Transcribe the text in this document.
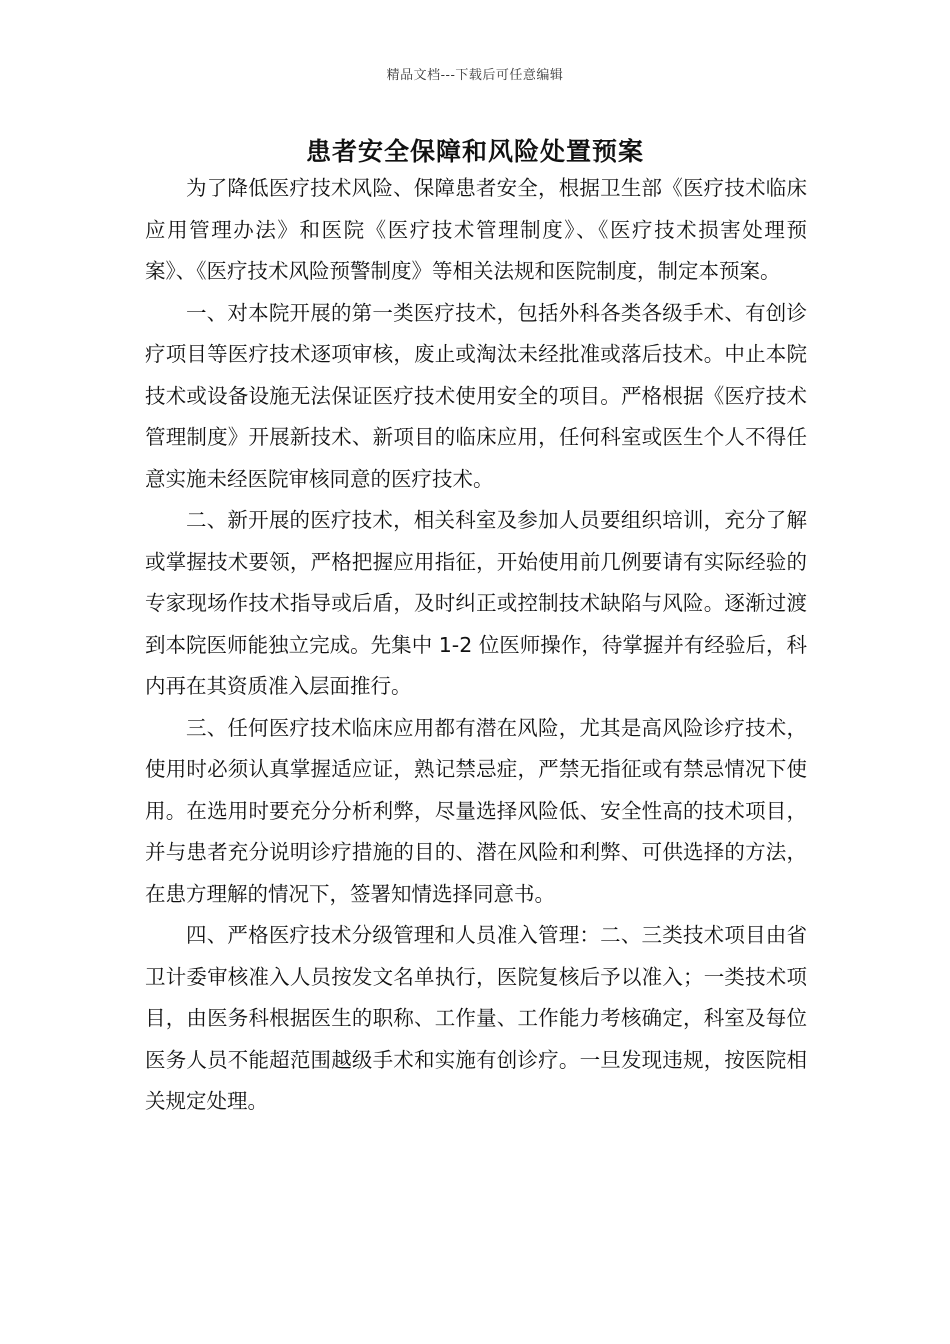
精品文档---下载后可任意编辑
患者安全保障和风险处置预案

为了降低医疗技术风险、保障患者安全，根据卫生部《医疗技术临床应用管理办法》和医院《医疗技术管理制度》、《医疗技术损害处理预案》、《医疗技术风险预警制度》等相关法规和医院制度，制定本预案。

一、对本院开展的第一类医疗技术，包括外科各类各级手术、有创诊疗项目等医疗技术逐项审核，废止或淘汰未经批准或落后技术。中止本院技术或设备设施无法保证医疗技术使用安全的项目。严格根据《医疗技术管理制度》开展新技术、新项目的临床应用，任何科室或医生个人不得任意实施未经医院审核同意的医疗技术。

二、新开展的医疗技术，相关科室及参加人员要组织培训，充分了解或掌握技术要领，严格把握应用指征，开始使用前几例要请有实际经验的专家现场作技术指导或后盾，及时纠正或控制技术缺陷与风险。逐渐过渡到本院医师能独立完成。先集中 1-2 位医师操作，待掌握并有经验后，科内再在其资质准入层面推行。

三、任何医疗技术临床应用都有潜在风险，尤其是高风险诊疗技术，使用时必须认真掌握适应证，熟记禁忌症，严禁无指征或有禁忌情况下使用。在选用时要充分分析利弊，尽量选择风险低、安全性高的技术项目，并与患者充分说明诊疗措施的目的、潜在风险和利弊、可供选择的方法，在患方理解的情况下，签署知情选择同意书。

四、严格医疗技术分级管理和人员准入管理：二、三类技术项目由省卫计委审核准入人员按发文名单执行，医院复核后予以准入；一类技术项目，由医务科根据医生的职称、工作量、工作能力考核确定，科室及每位医务人员不能超范围越级手术和实施有创诊疗。一旦发现违规，按医院相关规定处理。
